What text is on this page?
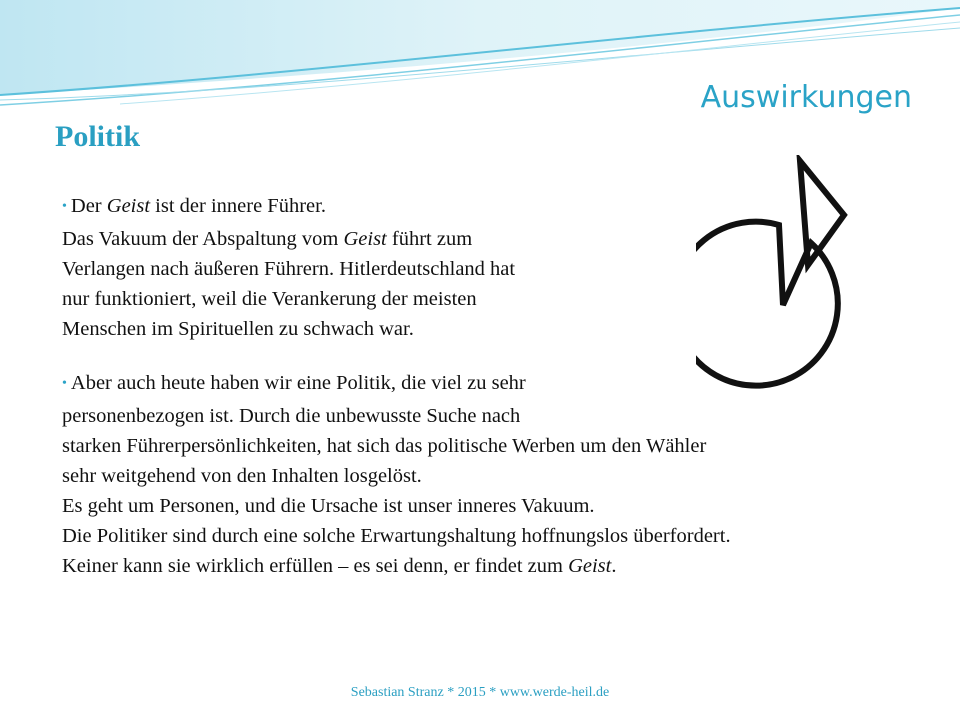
Auswirkungen
Politik

• Der Geist ist der innere Führer.

Das Vakuum der Abspaltung vom Geist führt zum

Verlangen nach äußeren Führern. Hitlerdeutschland hat

nur funktioniert, weil die Verankerung der meisten

Menschen im Spirituellen zu schwach war.

• Aber auch heute haben wir eine Politik, die viel zu sehr

personenbezogen ist. Durch die unbewusste Suche nach

starken Führerpersönlichkeiten, hat sich das politische Werben um den Wähler

sehr weitgehend von den Inhalten losgelöst.

Es geht um Personen, und die Ursache ist unser inneres Vakuum.

Die Politiker sind durch eine solche Erwartungshaltung hoffnungslos überfordert.

Keiner kann sie wirklich erfüllen – es sei denn, er findet zum Geist.

Sebastian Stranz * 2015 * www.werde-heil.de
